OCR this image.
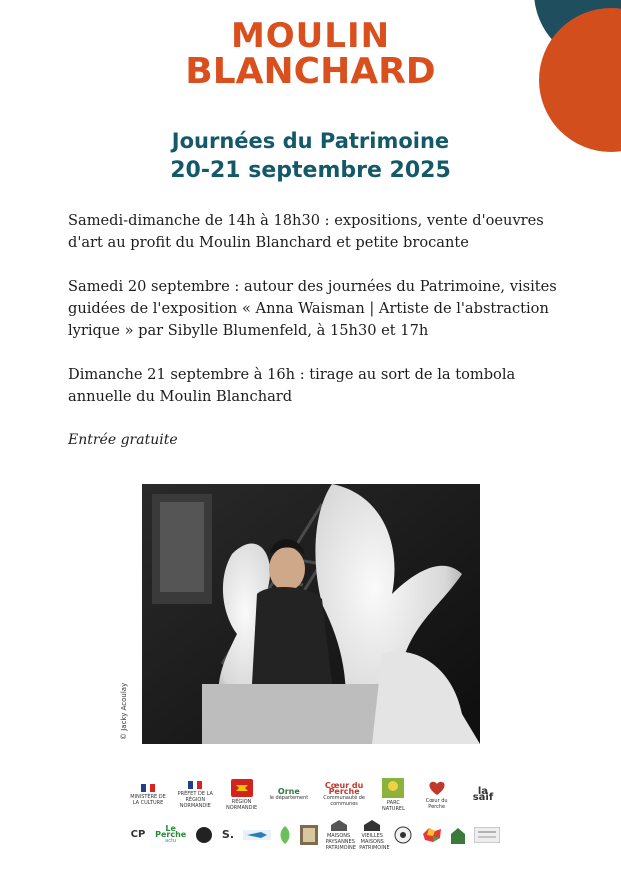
MOULIN
BLANCHARD
Journées du Patrimoine
20-21 septembre 2025

Samedi-dimanche de 14h à 18h30 : expositions, vente d'oeuvres d'art au profit du Moulin Blanchard et petite brocante

Samedi 20 septembre : autour des journées du Patrimoine, visites guidées de l'exposition « Anna Waisman | Artiste de l'abstraction lyrique » par Sibylle Blumenfeld, à 15h30 et 17h

Dimanche 21 septembre à 16h : tirage au sort de la tombola annuelle du Moulin Blanchard

Entrée gratuite

© Jacky Acoulay
MINISTÈRE DE LA CULTURE
PRÉFET DE LA RÉGION NORMANDIE
RÉGION NORMANDIE
Orne
le département
Cœur du Perche
Communauté de communes	PARC NATUREL
Cœur du Perche
la saif
CP
Le Perche
actu	S.	MAISONS PAYSANNES PATRIMOINE
VIEILLES MAISONS PATRIMOINE
